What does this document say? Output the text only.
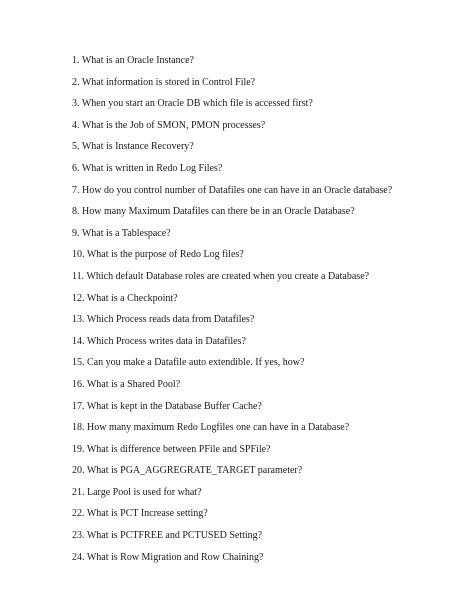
1. What is an Oracle Instance?
2. What information is stored in Control File?
3. When you start an Oracle DB which file is accessed first?
4. What is the Job of SMON, PMON processes?
5. What is Instance Recovery?
6. What is written in Redo Log Files?
7. How do you control number of Datafiles one can have in an Oracle database?
8. How many Maximum Datafiles can there be in an Oracle Database?
9. What is a Tablespace?
10. What is the purpose of Redo Log files?
11. Which default Database roles are created when you create a Database?
12. What is a Checkpoint?
13. Which Process reads data from Datafiles?
14. Which Process writes data in Datafiles?
15. Can you make a Datafile auto extendible. If yes, how?
16. What is a Shared Pool?
17. What is kept in the Database Buffer Cache?
18. How many maximum Redo Logfiles one can have in a Database?
19. What is difference between PFile and SPFile?
20. What is PGA_AGGREGRATE_TARGET parameter?
21. Large Pool is used for what?
22. What is PCT Increase setting?
23. What is PCTFREE and PCTUSED Setting?
24. What is Row Migration and Row Chaining?
